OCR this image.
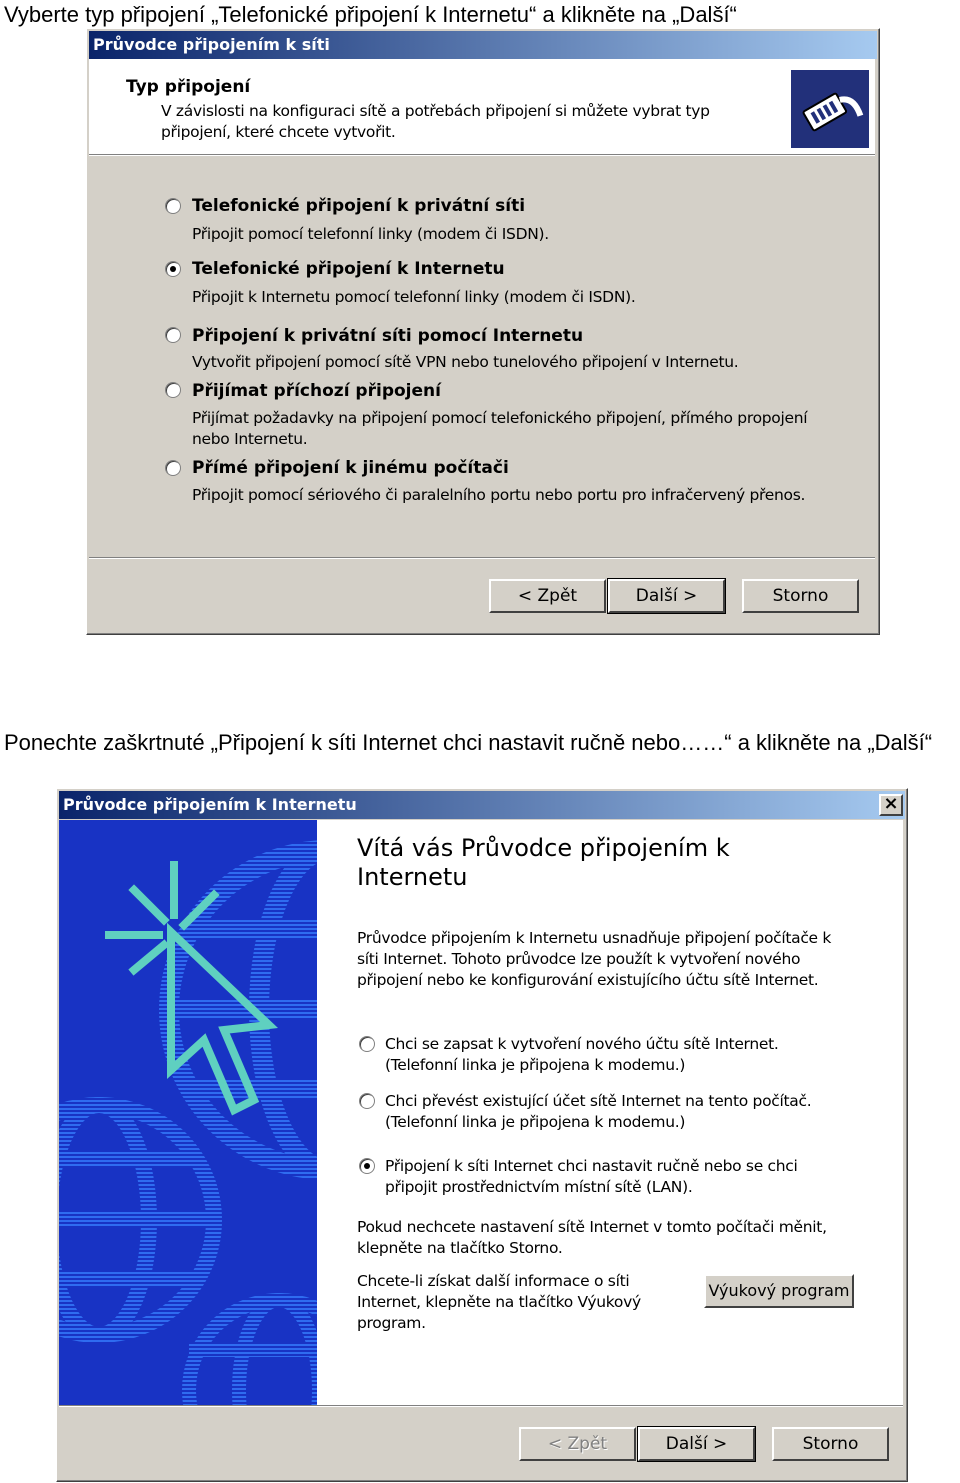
Vyberte typ připojení „Telefonické připojení k Internetu“ a klikněte na „Další“

Průvodce připojením k síti
Typ připojení
V závislosti na konfiguraci sítě a potřebách připojení si můžete vybrat typ připojení, které chcete vytvořit.
Telefonické připojení k privátní síti
Připojit pomocí telefonní linky (modem či ISDN).
Telefonické připojení k Internetu
Připojit k Internetu pomocí telefonní linky (modem či ISDN).
Připojení k privátní síti pomocí Internetu
Vytvořit připojení pomocí sítě VPN nebo tunelového připojení v Internetu.
Přijímat příchozí připojení
Přijímat požadavky na připojení pomocí telefonického připojení, přímého propojení nebo Internetu.
Přímé připojení k jinému počítači
Připojit pomocí sériového či paralelního portu nebo portu pro infračervený přenos.
< Zpět	Další >	Storno

Ponechte zaškrtnuté „Připojení k síti Internet chci nastavit ručně nebo……“ a klikněte na „Další“

Průvodce připojením k Internetu	×
Vítá vás Průvodce připojením k Internetu
Průvodce připojením k Internetu usnadňuje připojení počítače k síti Internet. Tohoto průvodce lze použít k vytvoření nového připojení nebo ke konfigurování existujícího účtu sítě Internet.
Chci se zapsat k vytvoření nového účtu sítě Internet. (Telefonní linka je připojena k modemu.)
Chci převést existující účet sítě Internet na tento počítač. (Telefonní linka je připojena k modemu.)
Připojení k síti Internet chci nastavit ručně nebo se chci připojit prostřednictvím místní sítě (LAN).
Pokud nechcete nastavení sítě Internet v tomto počítači měnit, klepněte na tlačítko Storno.
Chcete-li získat další informace o síti Internet, klepněte na tlačítko Výukový program.
Výukový program
< Zpět	Další >	Storno
